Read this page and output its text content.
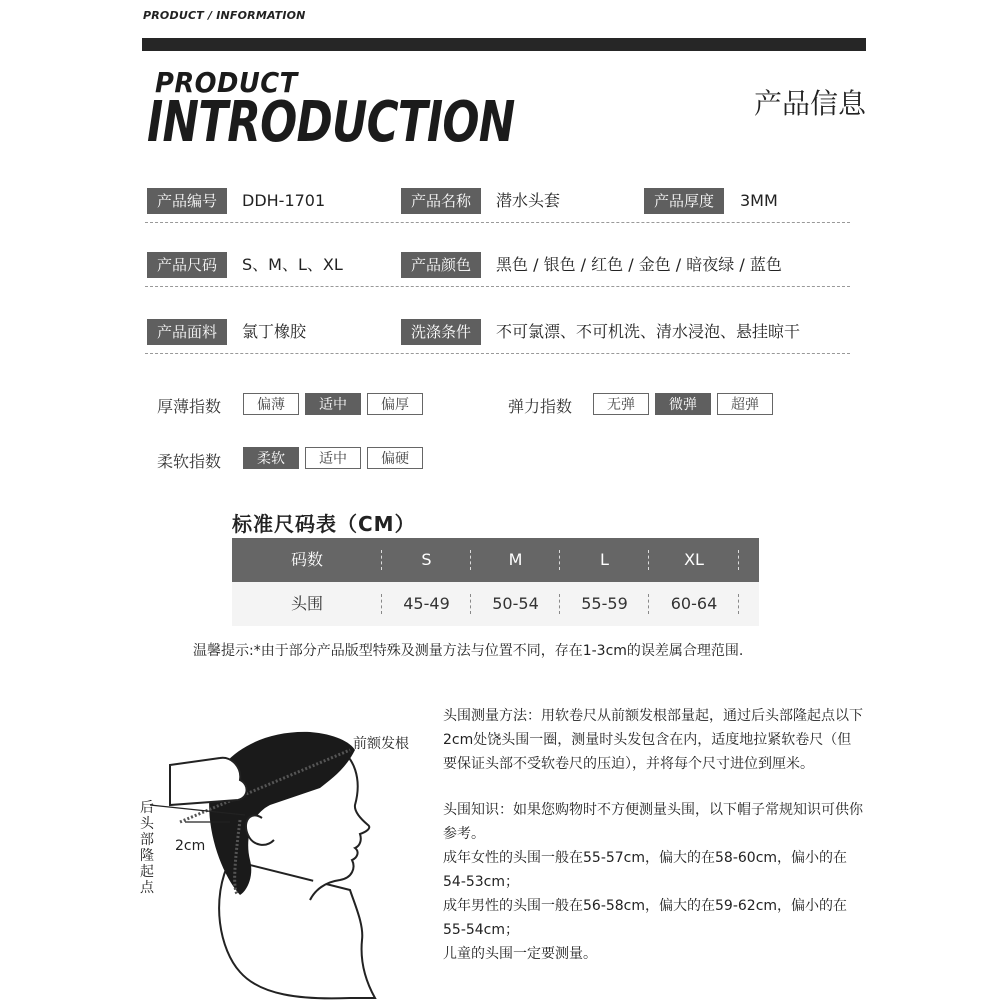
PRODUCT / INFORMATION
PRODUCT
INTRODUCTION	产品信息
产品编号	DDH-1701	产品名称	潜水头套	产品厚度	3MM
产品尺码	S、M、L、XL	产品颜色	黑色 / 银色 / 红色 / 金色 / 暗夜绿 / 蓝色
产品面料	氯丁橡胶	洗涤条件	不可氯漂、不可机洗、清水浸泡、悬挂晾干
厚薄指数	偏薄	适中	偏厚	弹力指数	无弹	微弹	超弹
柔软指数	柔软	适中	偏硬
标准尺码表（CM）
码数	S	M	L	XL
头围	45-49	50-54	55-59	60-64
温馨提示:*由于部分产品版型特殊及测量方法与位置不同，存在1-3cm的误差属合理范围.
前额发根
后头部隆起点
2cm

头围测量方法：用软卷尺从前额发根部量起，通过后头部隆起点以下2cm处饶头围一圈，测量时头发包含在内，适度地拉紧软卷尺（但要保证头部不受软卷尺的压迫），并将每个尺寸进位到厘米。

头围知识：如果您购物时不方便测量头围，以下帽子常规知识可供你参考。

成年女性的头围一般在55-57cm，偏大的在58-60cm，偏小的在54-53cm；

成年男性的头围一般在56-58cm，偏大的在59-62cm，偏小的在55-54cm；

儿童的头围一定要测量。
